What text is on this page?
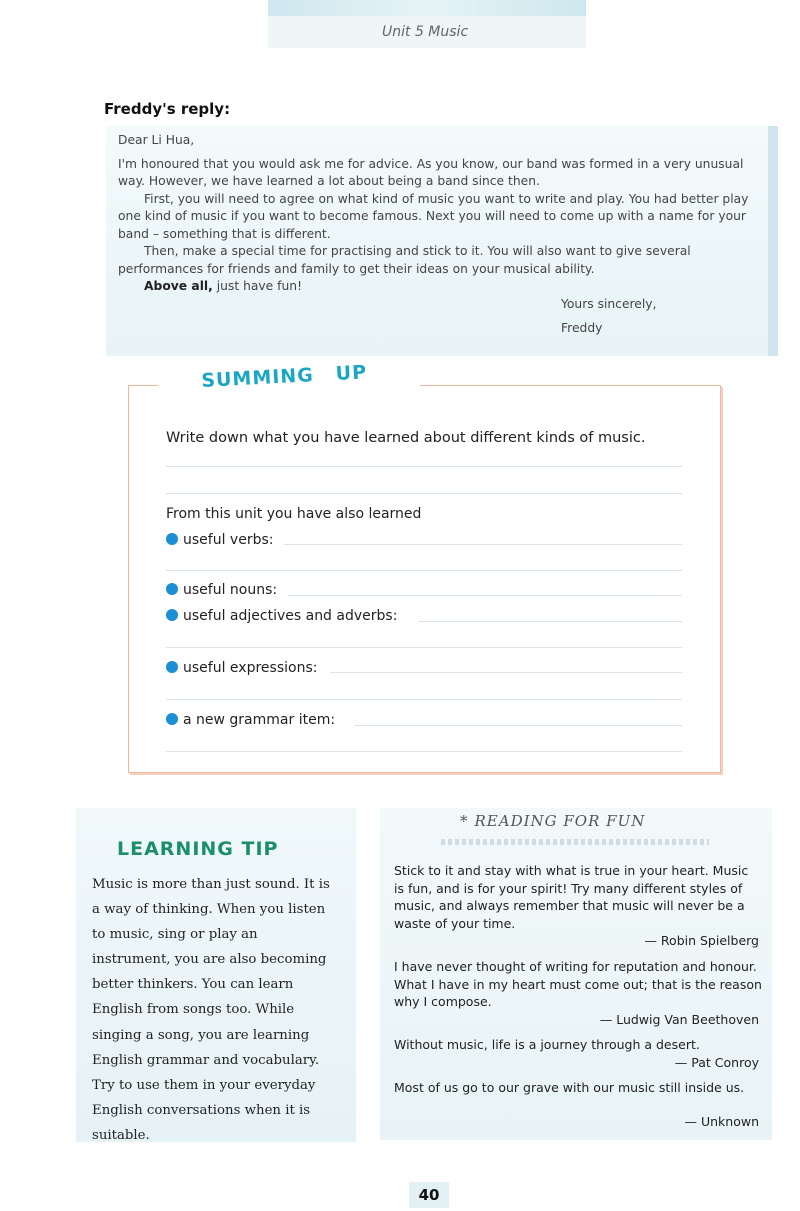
Unit 5 Music
Freddy's reply:

Dear Li Hua,

I'm honoured that you would ask me for advice. As you know, our band was formed in a very unusual way. However, we have learned a lot about being a band since then.

First, you will need to agree on what kind of music you want to write and play. You had better play one kind of music if you want to become famous. Next you will need to come up with a name for your band – something that is different.

Then, make a special time for practising and stick to it. You will also want to give several performances for friends and family to get their ideas on your musical ability.

Above all, just have fun!

Yours sincerely,
Freddy
SUMMING UP
Write down what you have learned about different kinds of music.
From this unit you have also learned
useful verbs:
useful nouns:
useful adjectives and adverbs:
useful expressions:
a new grammar item:
LEARNING TIP
Music is more than just sound. It is a way of thinking. When you listen to music, sing or play an instrument, you are also becoming better thinkers. You can learn English from songs too. While singing a song, you are learning English grammar and vocabulary. Try to use them in your everyday English conversations when it is suitable.
* READING FOR FUN
Stick to it and stay with what is true in your heart. Music is fun, and is for your spirit! Try many different styles of music, and always remember that music will never be a waste of your time.
— Robin Spielberg
I have never thought of writing for reputation and honour. What I have in my heart must come out; that is the reason why I compose.
— Ludwig Van Beethoven
Without music, life is a journey through a desert.
— Pat Conroy
Most of us go to our grave with our music still inside us.
— Unknown
40
